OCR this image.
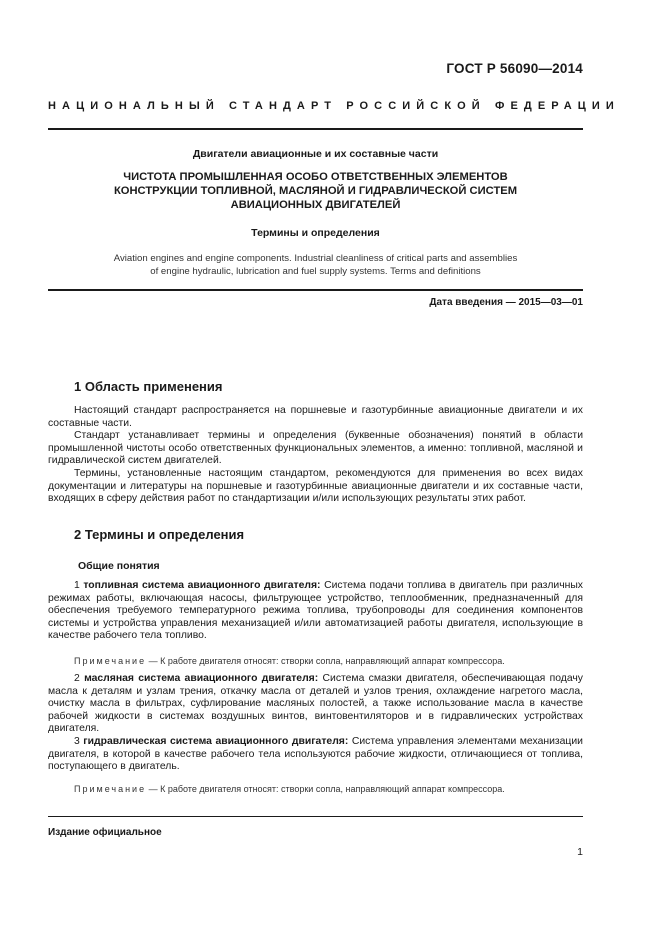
ГОСТ Р 56090—2014
НАЦИОНАЛЬНЫЙ СТАНДАРТ РОССИЙСКОЙ ФЕДЕРАЦИИ
Двигатели авиационные и их составные части
ЧИСТОТА ПРОМЫШЛЕННАЯ ОСОБО ОТВЕТСТВЕННЫХ ЭЛЕМЕНТОВ
КОНСТРУКЦИИ ТОПЛИВНОЙ, МАСЛЯНОЙ И ГИДРАВЛИЧЕСКОЙ СИСТЕМ
АВИАЦИОННЫХ ДВИГАТЕЛЕЙ
Термины и определения
Aviation engines and engine components. Industrial cleanliness of critical parts and assemblies
of engine hydraulic, lubrication and fuel supply systems. Terms and definitions
Дата введения — 2015—03—01
1 Область применения

Настоящий стандарт распространяется на поршневые и газотурбинные авиационные двигатели и их составные части.

Стандарт устанавливает термины и определения (буквенные обозначения) понятий в области промышленной чистоты особо ответственных функциональных элементов, а именно: топливной, масляной и гидравлической систем двигателей.

Термины, установленные настоящим стандартом, рекомендуются для применения во всех видах документации и литературы на поршневые и газотурбинные авиационные двигатели и их составные части, входящих в сферу действия работ по стандартизации и/или использующих результаты этих работ.

2 Термины и определения
Общие понятия

1 топливная система авиационного двигателя: Система подачи топлива в двигатель при различных режимах работы, включающая насосы, фильтрующее устройство, теплообменник, предназначенный для обеспечения требуемого температурного режима топлива, трубопроводы для соединения компонентов системы и устройства управления механизацией и/или автоматизацией работы двигателя, использующие в качестве рабочего тела топливо.

Примечание — К работе двигателя относят: створки сопла, направляющий аппарат компрессора.

2 масляная система авиационного двигателя: Система смазки двигателя, обеспечивающая подачу масла к деталям и узлам трения, откачку масла от деталей и узлов трения, охлаждение нагретого масла, очистку масла в фильтрах, суфлирование масляных полостей, а также использование масла в качестве рабочей жидкости в системах воздушных винтов, винтовентиляторов и в гидравлических устройствах двигателя.

3 гидравлическая система авиационного двигателя: Система управления элементами механизации двигателя, в которой в качестве рабочего тела используются рабочие жидкости, отличающиеся от топлива, поступающего в двигатель.

Примечание — К работе двигателя относят: створки сопла, направляющий аппарат компрессора.
Издание официальное
1
